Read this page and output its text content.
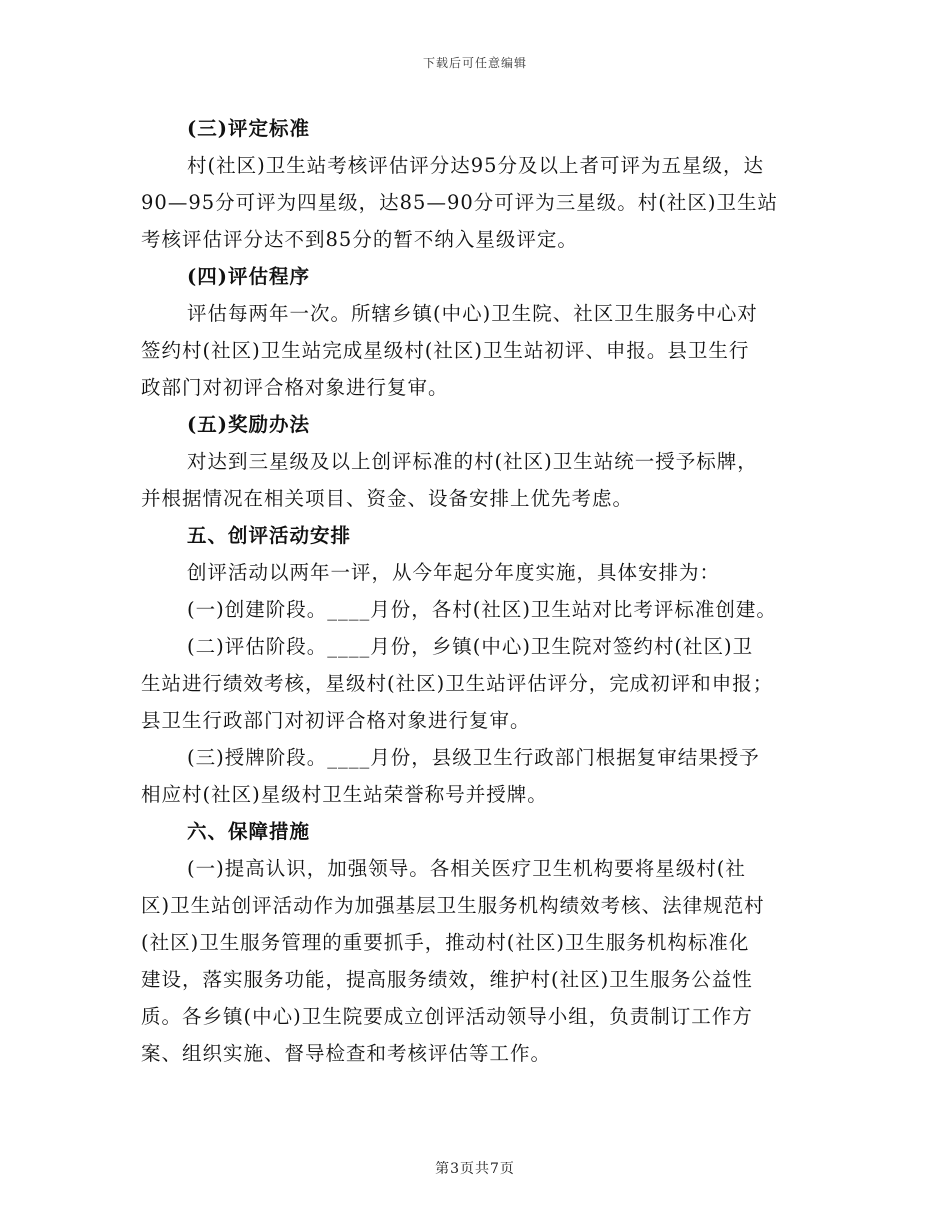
下载后可任意编辑
(三)评定标准
村(社区)卫生站考核评估评分达95分及以上者可评为五星级，达
90—95分可评为四星级，达85—90分可评为三星级。村(社区)卫生站
考核评估评分达不到85分的暂不纳入星级评定。
(四)评估程序
评估每两年一次。所辖乡镇(中心)卫生院、社区卫生服务中心对
签约村(社区)卫生站完成星级村(社区)卫生站初评、申报。县卫生行
政部门对初评合格对象进行复审。
(五)奖励办法
对达到三星级及以上创评标准的村(社区)卫生站统一授予标牌，
并根据情况在相关项目、资金、设备安排上优先考虑。
五、创评活动安排
创评活动以两年一评，从今年起分年度实施，具体安排为：
(一)创建阶段。____月份，各村(社区)卫生站对比考评标准创建。
(二)评估阶段。____月份，乡镇(中心)卫生院对签约村(社区)卫
生站进行绩效考核，星级村(社区)卫生站评估评分，完成初评和申报；
县卫生行政部门对初评合格对象进行复审。
(三)授牌阶段。____月份，县级卫生行政部门根据复审结果授予
相应村(社区)星级村卫生站荣誉称号并授牌。
六、保障措施
(一)提高认识，加强领导。各相关医疗卫生机构要将星级村(社
区)卫生站创评活动作为加强基层卫生服务机构绩效考核、法律规范村
(社区)卫生服务管理的重要抓手，推动村(社区)卫生服务机构标准化
建设，落实服务功能，提高服务绩效，维护村(社区)卫生服务公益性
质。各乡镇(中心)卫生院要成立创评活动领导小组，负责制订工作方
案、组织实施、督导检查和考核评估等工作。
第3页共7页
